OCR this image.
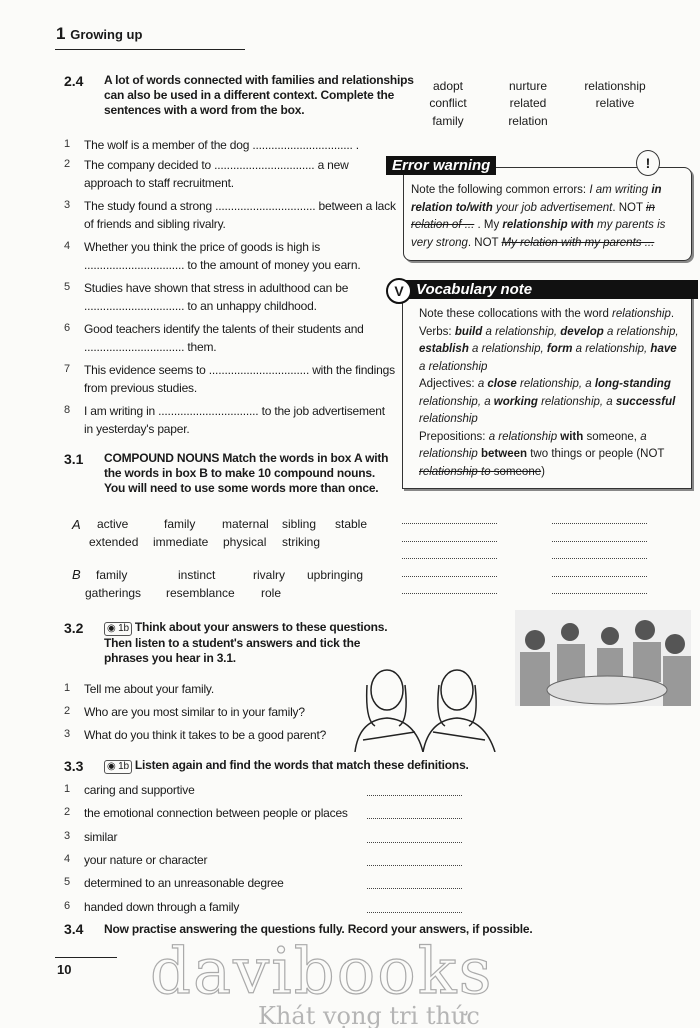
1 Growing up
2.4 A lot of words connected with families and relationships can also be used in a different context. Complete the sentences with a word from the box.
adopt	nurture	relationship
conflict	related	relative
family	relation
1 The wolf is a member of the dog ................................ .
2 The company decided to ................................ a new approach to staff recruitment.
3 The study found a strong ................................ between a lack of friends and sibling rivalry.
4 Whether you think the price of goods is high is ................................ to the amount of money you earn.
5 Studies have shown that stress in adulthood can be ................................ to an unhappy childhood.
6 Good teachers identify the talents of their students and ................................ them.
7 This evidence seems to ................................ with the findings from previous studies.
8 I am writing in ................................ to the job advertisement in yesterday's paper.
Error warning	!
Note the following common errors: I am writing in relation to/with your job advertisement. NOT in relation of ... . My relationship with my parents is very strong. NOT My relation with my parents ...
Vocabulary note
V
Note these collocations with the word relationship.
Verbs: build a relationship, develop a relationship, establish a relationship, form a relationship, have a relationship
Adjectives: a close relationship, a long-standing relationship, a working relationship, a successful relationship
Prepositions: a relationship with someone, a relationship between two things or people (NOT relationship to someone)
3.1 COMPOUND NOUNS Match the words in box A with the words in box B to make 10 compound nouns. You will need to use some words more than once.
A
B
active	family maternal sibling stable
extended immediate physical striking
family	instinct	rivalry upbringing
gatherings resemblance role
3.2	◉ 1b Think about your answers to these questions. Then listen to a student's answers and tick the phrases you hear in 3.1.
1 Tell me about your family.
2 Who are you most similar to in your family?
3 What do you think it takes to be a good parent?
3.3	◉ 1b Listen again and find the words that match these definitions.
1 caring and supportive
2 the emotional connection between people or places
3 similar
4 your nature or character
5 determined to an unreasonable degree
6 handed down through a family
3.4 Now practise answering the questions fully. Record your answers, if possible.
10 davibooks
Khát vọng tri thức
